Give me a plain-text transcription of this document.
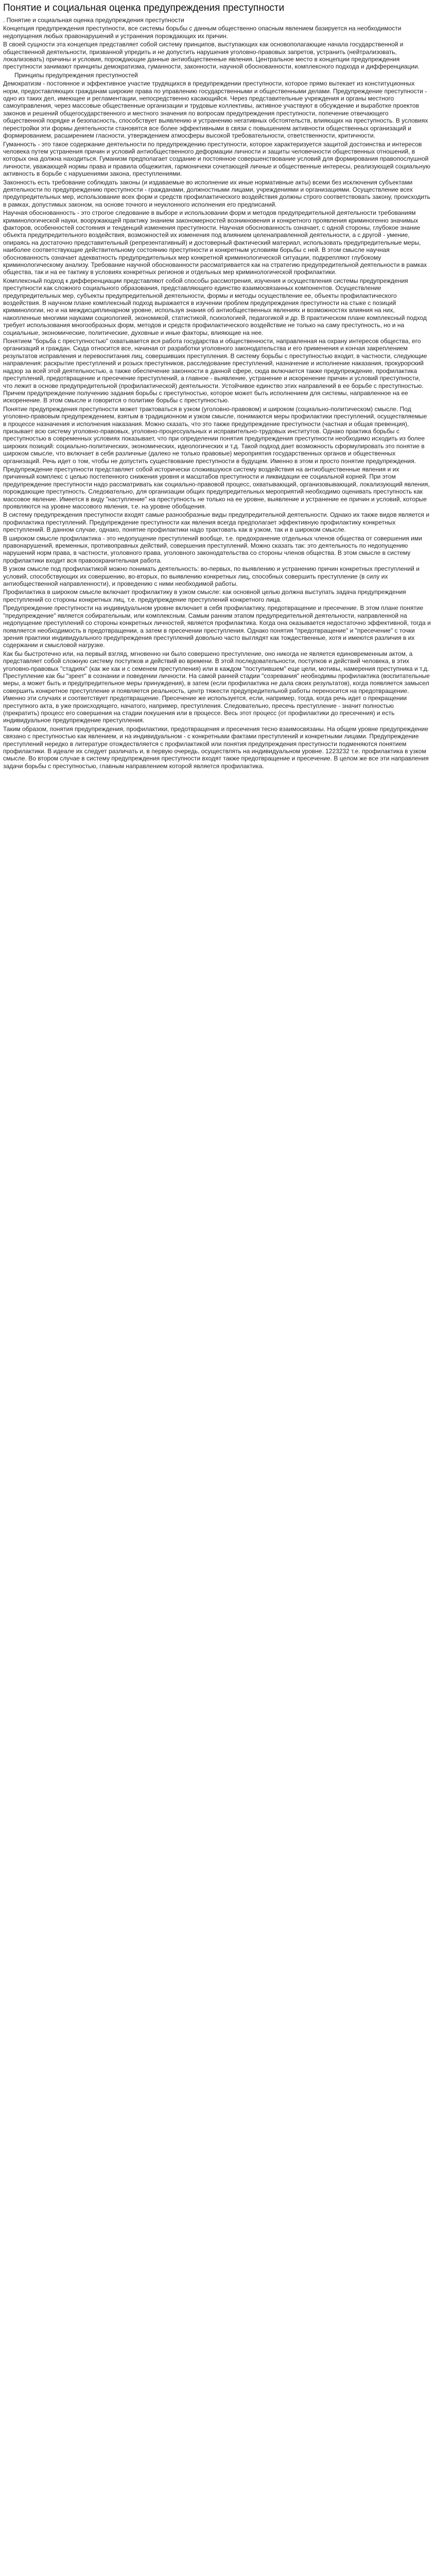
Понятие и социальная оценка предупреждения преступности

. Понятие и социальная оценка предупреждения преступности

Концепция предупреждения преступности, все системы борьбы с данным общественно опасным явлением базируется на необходимости недопущения любых правонарушений и устранения порождающих их причин.

В своей сущности эта концепция представляет собой систему принципов, выступающих как основополагающие начала государственной и общественной деятельности, призванной упредить и не допустить нарушения уголовно-правовых запретов, устранить (нейтрализовать, локализовать) причины и условия, порождающие данные антиобщественные явления. Центральное место в концепции предупреждения преступности занимают принципы демократизма, гуманности, законности, научной обоснованности, комплексного подхода и дифференциации.

Принципы предупреждения преступностей

Демократизм - постоянное и эффективное участие трудящихся в предупреждении преступности, которое прямо вытекает из конституционных норм, предоставляющих гражданам широкие права по управлению государственными и общественными делами. Предупреждение преступности - одно из таких дел, имеющее и регламентации, непосредственно касающийся. Через представительные учреждения и органы местного самоуправления, через массовые общественные организации и трудовые коллективы, активное участвуют в обсуждение и выработке проектов законов и решений общегосударственного и местного значения по вопросам предупреждения преступности, попечение отвечающего общественной порядке и безопасность, способствует выявлению и устранению негативных обстоятельств, влияющих на преступность. В условиях перестройки эти формы деятельности становятся все более эффективными в связи с повышением активности общественных организаций и формированием, расширением гласности, утверждением атмосферы высокой требовательности, ответственности, критичности.

Гуманность - это такое содержание деятельности по предупреждению преступности, которое характеризуется защитой достоинства и интересов человека путем устранения причин и условий антиобщественного деформации личности и защиты человечности общественных отношений, в которых она должна находиться. Гуманизм предполагает создание и постоянное совершенствование условий для формирования правопослушной личности, уважающей нормы права и правила общежития, гармоничеки сочетающей личные и общественные интересы, реализующей социальную активность в борьбе с нарушениями закона, преступлениями.

Законность есть требование соблюдать законы (и издаваемые во исполнение их иные нормативные акты) всеми без исключения субъектами деятельности по предупреждению преступности - гражданами, должностными лицами, учреждениями и организациями. Осуществление всех предупредительных мер, использование всех форм и средств профилактического воздействия должны строго соответствовать закону, происходить в рамках, допустимых законом, на основе точного и неуклонного исполнения его предписаний.

Научная обоснованность - это строгое следование в выборе и использовании форм и методов предупредительной деятельности требованиям криминологической науки, вооружающей практику знанием закономерностей возникновения и конкретного проявления криминогенно значимых факторов, особенностей состояния и тенденций изменения преступности. Научная обоснованность означает, с одной стороны, глубокое знание объекта предупредительного воздействия, возможностей их изменения под влиянием целенаправленной деятельности, а с другой - умение, опираясь на достаточно представительный (репрезентативный) и достоверный фактический материал, использовать предупредительные меры, наиболее соответствующие действительному состоянию преступности и конкретным условиям борьбы с ней. В этом смысле научная обоснованность означает адекватность предупредительных мер конкретной криминологической ситуации, подкрепляют глубокому криминологическому анализу. Требование научной обоснованности рассматривается как на стратегию предупредительной деятельности в рамках общества, так и на ее тактику в условиях конкретных регионов и отдельных мер криминологической профилактики.

Комплексный подход к дифференциации представляют собой способы рассмотрения, изучения и осуществления системы предупреждения преступности как сложного социального образования, представляющего единство взаимосвязанных компонентов. Осуществление предупредительных мер, субъекты предупредительной деятельности, формы и методы осуществление ее, объекты профилактического воздействия. В научном плане комплексный подход выражается в изучении проблем предупреждения преступности на стыке с позиций криминологии, но и на междисциплинарном уровне, используя знания об антиобщественных явлениях и возможностях влияния на них, накопленные многими науками социологией, экономикой, статистикой, психологией, педагогикой и др. В практическом плане комплексный подход требует использования многообразных форм, методов и средств профилактического воздействие не только на саму преступность, но и на социальные, экономические, политические, духовные и иные факторы, влияющие на нее.

Понятием "борьба с преступностью" охватывается вся работа государства и общественности, направленная на охрану интересов общества, его организаций и граждан. Сюда относится все, начиная от разработки уголовного законодательства и его применения и кончая закреплением результатов исправления и перевоспитания лиц, совершивших преступления. В систему борьбы с преступностью входит, в частности, следующие направления: раскрытие преступлений и розыск преступников, расследование преступлений, назначение и исполнение наказания, прокурорский надзор за всей этой деятельностью, а также обеспечение законности в данной сфере, сюда включается также предупреждение, профилактика преступлений, предотвращение и пресечение преступлений, а главное - выявление, устранение и искоренение причин и условий преступности, что лежит в основе предупредительной (профилактической) деятельности. Устойчивое единство этих направлений в ее борьбе с преступностью. Причем предупреждение получению задания борьбы с преступностью, которое может быть исполнением для системы, направленное на ее искоренение. В этом смысле и говорится о политике борьбы с преступностью.

Понятие предупреждения преступности может трактоваться в узком (уголовно-правовом) и широком (социально-политическом) смысле. Под уголовно-правовым предупреждением, взятым в традиционном и узком смысле, понимаются меры профилактики преступлений, осуществляемые в процессе назначения и исполнения наказания. Можно сказать, что это также предупреждение преступности (частная и общая превенция), призывает всю систему уголовно-правовых, уголовно-процессуальных и исправительно-трудовых институтов. Однако практика борьбы с преступностью в современных условиях показывает, что при определении понятия предупреждения преступности необходимо исходить из более широких позиций: социально-политических, экономических, идеологических и т.д. Такой подход дает возможность сформулировать это понятие в широком смысле, что включает в себя различные (далеко не только правовые) мероприятия государственных органов и общественных организаций. Речь идет о том, чтобы не допустить существование преступности в будущем. Именно в этом и просто понятие предупреждения.

Предупреждение преступности представляет собой исторически сложившуюся систему воздействия на антиобщественные явления и их причинный комплекс с целью постепенного снижения уровня и масштабов преступности и ликвидации ее социальной корней. При этом предупреждение преступности надо рассматривать как социально-правовой процесс, охватывающий, организовывающий, локализующий явления, порождающие преступность. Следовательно, для организации общих предупредительных мероприятий необходимо оценивать преступность как массовое явление. Имеется в виду "наступление" на преступность не только на ее уровне, выявление и устранение ее причин и условий, которые проявляются на уровне массового явления, т.е. на уровне обобщения.

В систему предупреждения преступности входят самые разнообразные виды предупредительной деятельности. Однако их также видов является и профилактика преступлений. Предупреждение преступности как явления всегда предполагает эффективную профилактику конкретных преступлений. В данном случае, однако, понятие профилактики надо трактовать как в узком, так и в широком смысле.

В широком смысле профилактика - это недопущение преступлений вообще, т.е. предохранение отдельных членов общества от совершения ими правонарушений, временных, противоправных действий, совершения преступлений. Можно сказать так: это деятельность по недопущению нарушений норм права, в частности, уголовного права, уголовного законодательства со стороны членов общества. В этом смысле в систему профилактики входит вся правоохранительная работа.

В узком смысле под профилактикой можно понимать деятельность: во-первых, по выявлению и устранению причин конкретных преступлений и условий, способствующих их совершению, во-вторых, по выявлению конкретных лиц, способных совершить преступление (в силу их антиобщественной направленности), и проведению с ними необходимой работы.

Профилактика в широком смысле включает профилактику в узком смысле: как основной целью должна выступать задача предупреждения преступлений со стороны конкретных лиц, т.е. предупреждение преступлений конкретного лица.

Предупреждение преступности на индивидуальном уровне включает в себя профилактику, предотвращение и пресечение. В этом плане понятие "предупреждение" является собирательным, или комплексным. Самым ранним этапом предупредительной деятельности, направленной на недопущение преступлений со стороны конкретных личностей, является профилактика. Когда она оказывается недостаточно эффективной, тогда и появляется необходимость в предотвращении, а затем в пресечении преступления. Однако понятия "предотвращение" и "пресечение" с точки зрения практики индивидуального предупреждения преступлений довольно часто выглядят как тождественные, хотя и имеются различия в их содержании и смысловой нагрузке.

Как бы быстротечно или, на первый взгляд, мгновенно ни было совершено преступление, оно никогда не является единовременным актом, а представляет собой сложную систему поступков и действий во времени. В этой последовательности, поступков и действий человека, в этих уголовно-правовых "стадиях" (как же как и с семенем преступления) или в каждом "поступившем" еще цели, мотивы, намерения преступника и т.д. Преступление как бы "зреет" в сознании и поведении личности. На самой ранней стадии "созревания" необходимы профилактика (воспитательные меры, а может быть и предупредительное меры принуждения), в затем (если профилактика не дала своих результатов), когда появляется замысел совершить конкретное преступление и появляется реальность, центр тяжести предупредительной работы переносится на предотвращение. Именно эти случаях и соответствует предотвращение. Пресечение же используется, если, например, тогда, когда речь идет о прекращении преступного акта, в уже происходящего, начатого, например, преступления. Следовательно, пресечь преступление - значит полностью (прекратить) процесс его совершения на стадии покушения или в процессе. Весь этот процесс (от профилактики до пресечения) и есть индивидуальное предупреждение преступления.

Таким образом, понятия предупреждения, профилактики, предотвращения и пресечения тесно взаимосвязаны. На общем уровне предупреждение связано с преступностью как явлением, и на индивидуальном - с конкретными фактами преступлений и конкретными лицами. Предупреждение преступлений нередко в литературе отождествляется с профилактикой или понятия предупреждения преступности подменяются понятием профилактики. В идеале их следует различать и, в первую очередь, осуществлять на индивидуальном уровне. 1223232 т.е. профилактика в узком смысле. Во втором случае в систему предупреждения преступности входят также предотвращение и пресечение. В целом же все эти направления задачи борьбы с преступностью, главным направлением которой является профилактика.
